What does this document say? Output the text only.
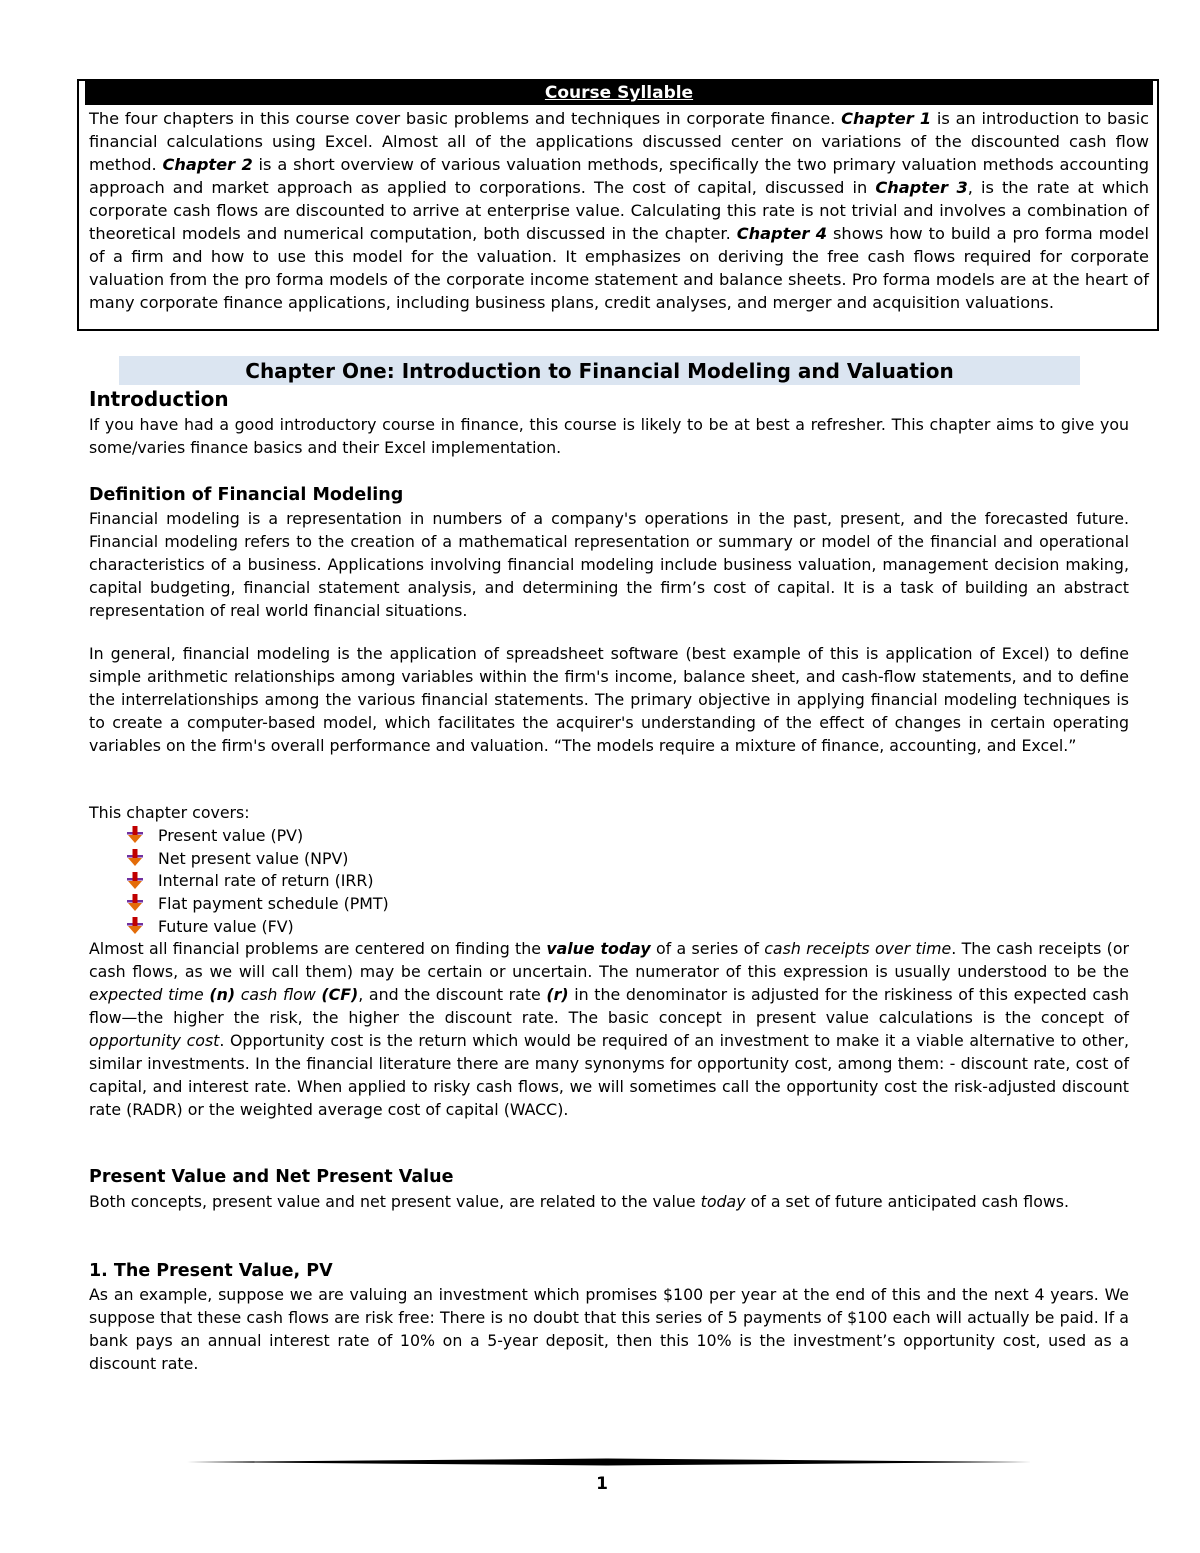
Course Syllable
The four chapters in this course cover basic problems and techniques in corporate finance. Chapter 1 is an introduction to basic financial calculations using Excel. Almost all of the applications discussed center on variations of the discounted cash flow method. Chapter 2 is a short overview of various valuation methods, specifically the two primary valuation methods accounting approach and market approach as applied to corporations. The cost of capital, discussed in Chapter 3, is the rate at which corporate cash flows are discounted to arrive at enterprise value. Calculating this rate is not trivial and involves a combination of theoretical models and numerical computation, both discussed in the chapter. Chapter 4 shows how to build a pro forma model of a firm and how to use this model for the valuation. It emphasizes on deriving the free cash flows required for corporate valuation from the pro forma models of the corporate income statement and balance sheets. Pro forma models are at the heart of many corporate finance applications, including business plans, credit analyses, and merger and acquisition valuations.
Chapter One: Introduction to Financial Modeling and Valuation
Introduction
If you have had a good introductory course in finance, this course is likely to be at best a refresher. This chapter aims to give you some/varies finance basics and their Excel implementation.
Definition of Financial Modeling
Financial modeling is a representation in numbers of a company's operations in the past, present, and the forecasted future. Financial modeling refers to the creation of a mathematical representation or summary or model of the financial and operational characteristics of a business. Applications involving financial modeling include business valuation, management decision making, capital budgeting, financial statement analysis, and determining the firm’s cost of capital. It is a task of building an abstract representation of real world financial situations.
In general, financial modeling is the application of spreadsheet software (best example of this is application of Excel) to define simple arithmetic relationships among variables within the firm's income, balance sheet, and cash-flow statements, and to define the interrelationships among the various financial statements. The primary objective in applying financial modeling techniques is to create a computer-based model, which facilitates the acquirer's understanding of the effect of changes in certain operating variables on the firm's overall performance and valuation. “The models require a mixture of finance, accounting, and Excel.”
This chapter covers:
Present value (PV)
Net present value (NPV)
Internal rate of return (IRR)
Flat payment schedule (PMT)
Future value (FV)
Almost all financial problems are centered on finding the value today of a series of cash receipts over time. The cash receipts (or cash flows, as we will call them) may be certain or uncertain. The numerator of this expression is usually understood to be the expected time (n) cash flow (CF), and the discount rate (r) in the denominator is adjusted for the riskiness of this expected cash flow—the higher the risk, the higher the discount rate. The basic concept in present value calculations is the concept of opportunity cost. Opportunity cost is the return which would be required of an investment to make it a viable alternative to other, similar investments. In the financial literature there are many synonyms for opportunity cost, among them: - discount rate, cost of capital, and interest rate. When applied to risky cash flows, we will sometimes call the opportunity cost the risk-adjusted discount rate (RADR) or the weighted average cost of capital (WACC).
Present Value and Net Present Value
Both concepts, present value and net present value, are related to the value today of a set of future anticipated cash flows.
1. The Present Value, PV
As an example, suppose we are valuing an investment which promises $100 per year at the end of this and the next 4 years. We suppose that these cash flows are risk free: There is no doubt that this series of 5 payments of $100 each will actually be paid. If a bank pays an annual interest rate of 10% on a 5-year deposit, then this 10% is the investment’s opportunity cost, used as a discount rate.
1
